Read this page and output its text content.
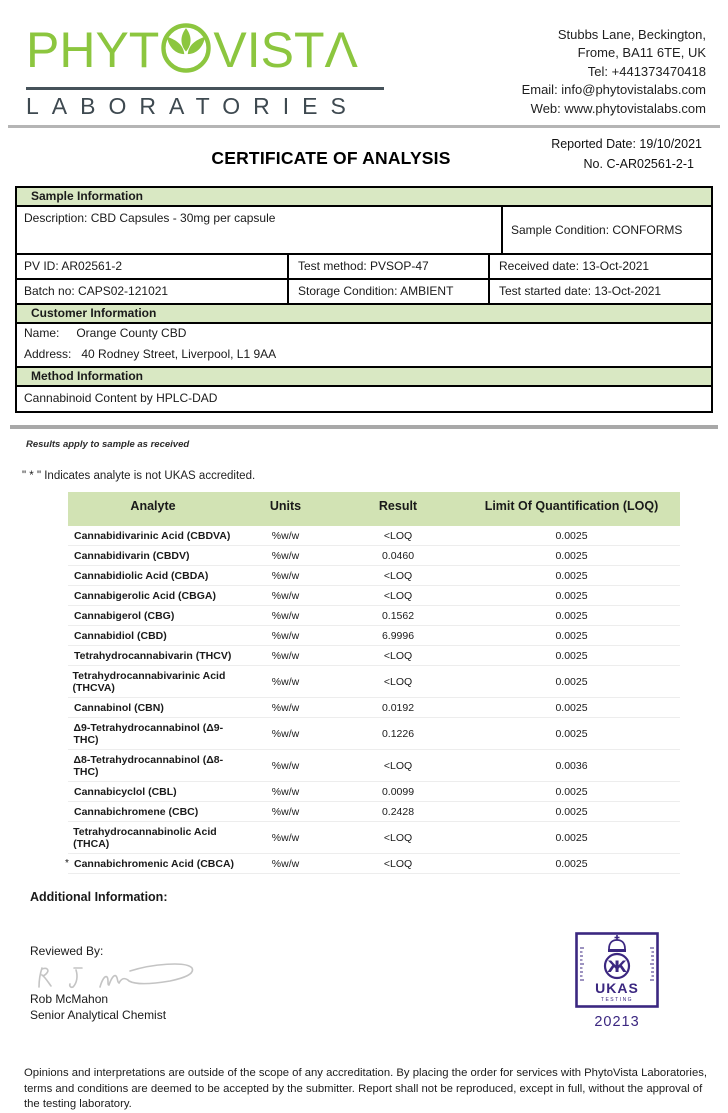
PHYT VISTΛ
LABORATORIES
Stubbs Lane, Beckington,
Frome, BA11 6TE, UK
Tel: +441373470418
Email: info@phytovistalabs.com
Web: www.phytovistalabs.com
CERTIFICATE OF ANALYSIS
Reported Date: 19/10/2021
No. C-AR02561-2-1
Sample Information
Description: CBD Capsules - 30mg per capsule
Sample Condition: CONFORMS
PV ID: AR02561-2	Test method: PVSOP-47	Received date: 13-Oct-2021
Batch no: CAPS02-121021	Storage Condition: AMBIENT	Test started date: 13-Oct-2021
Customer Information
Name: Orange County CBD
Address: 40 Rodney Street, Liverpool, L1 9AA
Method Information
Cannabinoid Content by HPLC-DAD
Results apply to sample as received
" * " Indicates analyte is not UKAS accredited.
Analyte	Units	Result	Limit Of Quantification (LOQ)
Cannabidivarinic Acid (CBDVA)	%w/w	<LOQ	0.0025
Cannabidivarin (CBDV)	%w/w	0.0460	0.0025
Cannabidiolic Acid (CBDA)	%w/w	<LOQ	0.0025
Cannabigerolic Acid (CBGA)	%w/w	<LOQ	0.0025
Cannabigerol (CBG)	%w/w	0.1562	0.0025
Cannabidiol (CBD)	%w/w	6.9996	0.0025
Tetrahydrocannabivarin (THCV)	%w/w	<LOQ	0.0025
Tetrahydrocannabivarinic Acid (THCVA)	%w/w	<LOQ	0.0025
Cannabinol (CBN)	%w/w	0.0192	0.0025
Δ9-Tetrahydrocannabinol (Δ9-THC)	%w/w	0.1226	0.0025
Δ8-Tetrahydrocannabinol (Δ8-THC)	%w/w	<LOQ	0.0036
Cannabicyclol (CBL)	%w/w	0.0099	0.0025
Cannabichromene (CBC)	%w/w	0.2428	0.0025
Tetrahydrocannabinolic Acid (THCA)	%w/w	<LOQ	0.0025
* Cannabichromenic Acid (CBCA)	%w/w	<LOQ	0.0025
Additional Information:
Reviewed By:
Rob McMahon
Senior Analytical Chemist
Ж
UKAS
TESTING
20213
Opinions and interpretations are outside of the scope of any accreditation. By placing the order for services with PhytoVista Laboratories, terms and conditions are deemed to be accepted by the submitter. Report shall not be reproduced, except in full, without the approval of the testing laboratory.
